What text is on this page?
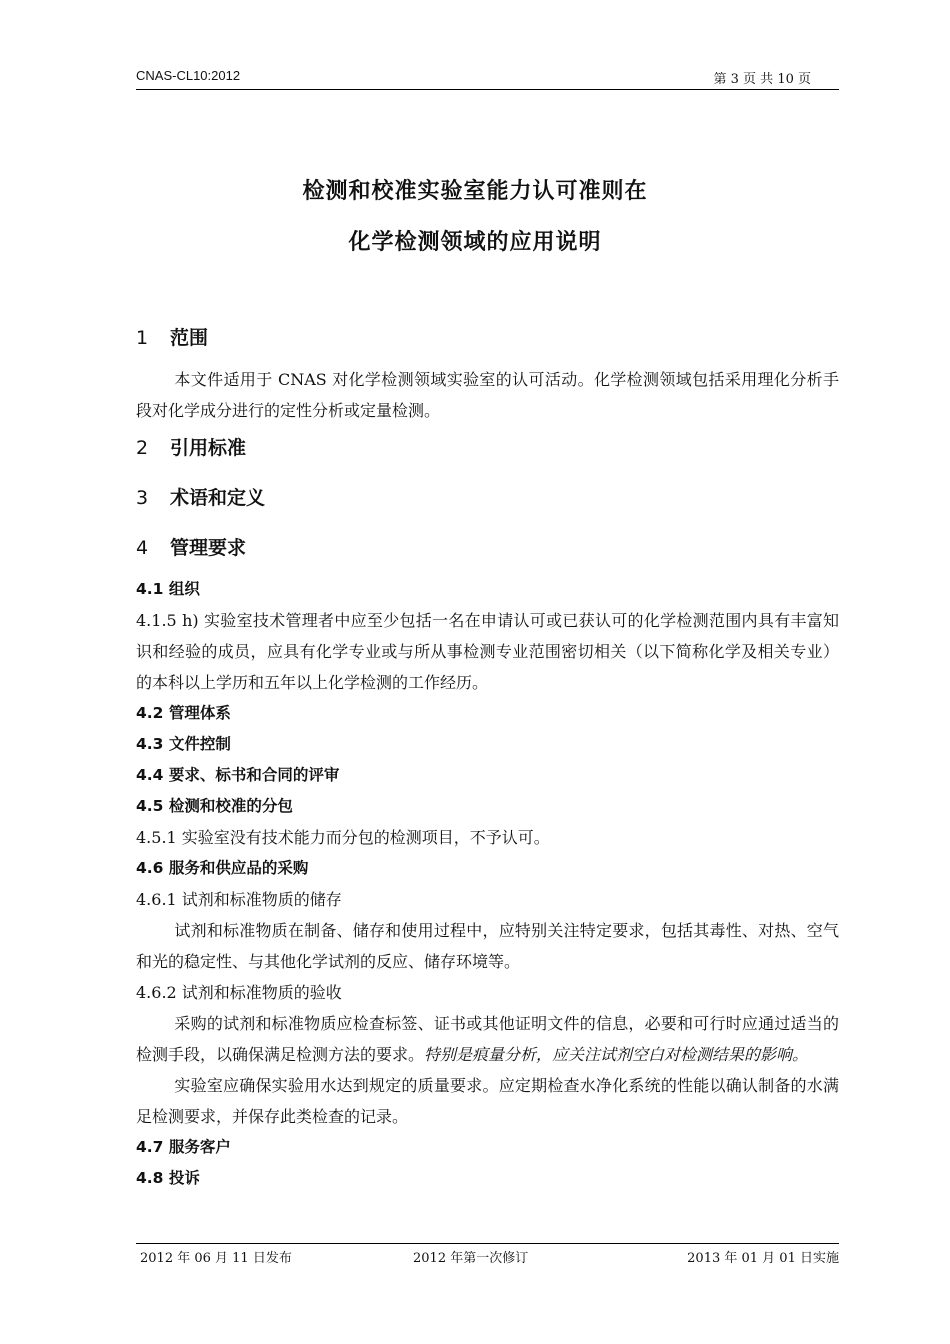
CNAS-CL10:2012	第 3 页 共 10 页
检测和校准实验室能力认可准则在
化学检测领域的应用说明
1 范围
本文件适用于 CNAS 对化学检测领域实验室的认可活动。化学检测领域包括采用理化分析手段对化学成分进行的定性分析或定量检测。
2 引用标准
3 术语和定义
4 管理要求
4.1 组织
4.1.5 h) 实验室技术管理者中应至少包括一名在申请认可或已获认可的化学检测范围内具有丰富知识和经验的成员，应具有化学专业或与所从事检测专业范围密切相关（以下简称化学及相关专业）的本科以上学历和五年以上化学检测的工作经历。
4.2 管理体系
4.3 文件控制
4.4 要求、标书和合同的评审
4.5 检测和校准的分包
4.5.1 实验室没有技术能力而分包的检测项目，不予认可。
4.6 服务和供应品的采购
4.6.1 试剂和标准物质的储存
试剂和标准物质在制备、储存和使用过程中，应特别关注特定要求，包括其毒性、对热、空气和光的稳定性、与其他化学试剂的反应、储存环境等。
4.6.2 试剂和标准物质的验收
采购的试剂和标准物质应检查标签、证书或其他证明文件的信息，必要和可行时应通过适当的检测手段，以确保满足检测方法的要求。特别是痕量分析，应关注试剂空白对检测结果的影响。
实验室应确保实验用水达到规定的质量要求。应定期检查水净化系统的性能以确认制备的水满足检测要求，并保存此类检查的记录。
4.7 服务客户
4.8 投诉
2012 年 06 月 11 日发布	2012 年第一次修订	2013 年 01 月 01 日实施
